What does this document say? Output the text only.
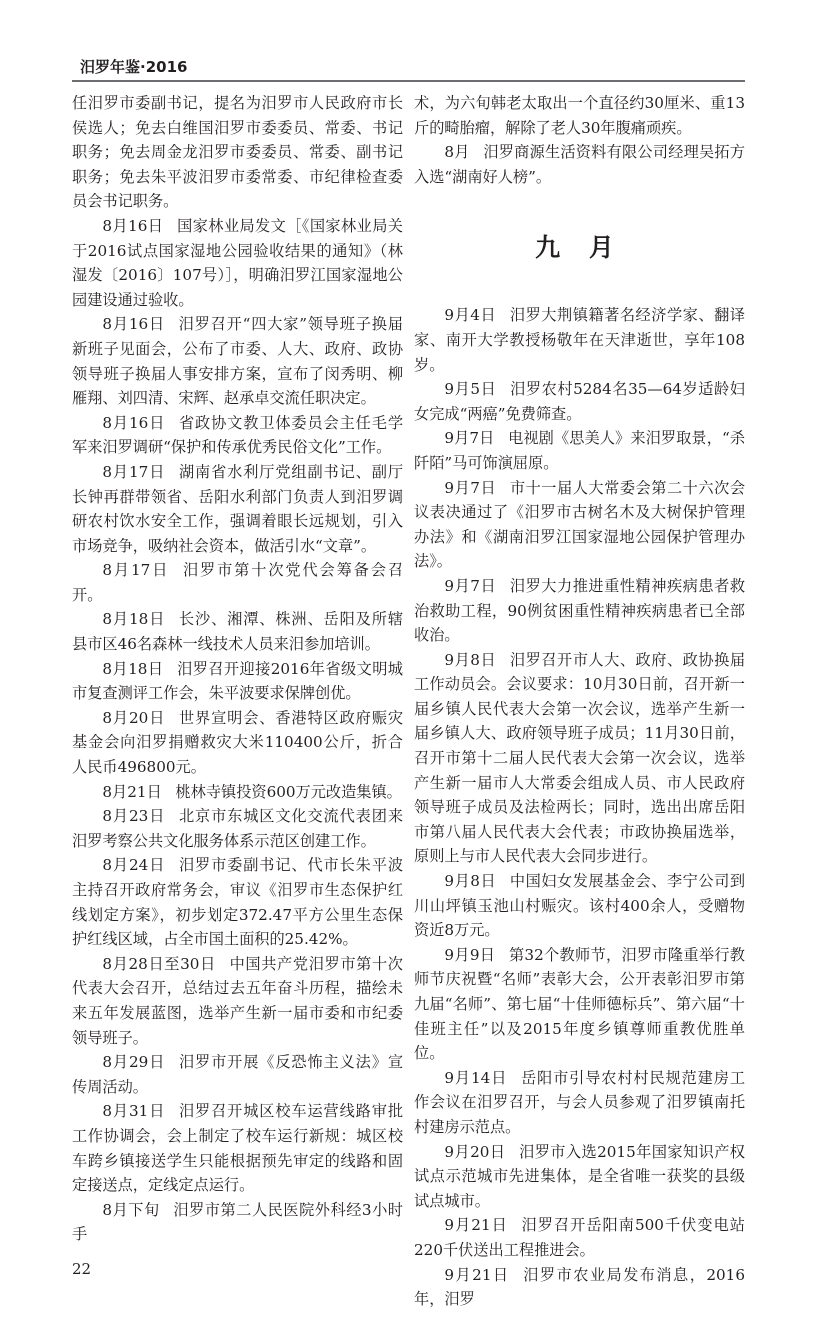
汨罗年鉴·2016

任汨罗市委副书记，提名为汨罗市人民政府市长侯选人；免去白维国汨罗市委委员、常委、书记职务；免去周金龙汨罗市委委员、常委、副书记职务；免去朱平波汨罗市委常委、市纪律检查委员会书记职务。

8月16日 国家林业局发文［《国家林业局关于2016试点国家湿地公园验收结果的通知》（林湿发〔2016〕107号）］，明确汨罗江国家湿地公园建设通过验收。

8月16日 汨罗召开“四大家”领导班子换届新班子见面会，公布了市委、人大、政府、政协领导班子换届人事安排方案，宣布了闵秀明、柳雁翔、刘四清、宋辉、赵承卓交流任职决定。

8月16日 省政协文教卫体委员会主任毛学军来汨罗调研“保护和传承优秀民俗文化”工作。

8月17日 湖南省水利厅党组副书记、副厅长钟再群带领省、岳阳水利部门负责人到汨罗调研农村饮水安全工作，强调着眼长远规划，引入市场竞争，吸纳社会资本，做活引水“文章”。

8月17日 汨罗市第十次党代会筹备会召开。

8月18日 长沙、湘潭、株洲、岳阳及所辖县市区46名森林一线技术人员来汨参加培训。

8月18日 汨罗召开迎接2016年省级文明城市复查测评工作会，朱平波要求保牌创优。

8月20日 世界宣明会、香港特区政府赈灾基金会向汨罗捐赠救灾大米110400公斤，折合人民币496800元。

8月21日 桃林寺镇投资600万元改造集镇。

8月23日 北京市东城区文化交流代表团来汨罗考察公共文化服务体系示范区创建工作。

8月24日 汨罗市委副书记、代市长朱平波主持召开政府常务会，审议《汨罗市生态保护红线划定方案》，初步划定372.47平方公里生态保护红线区域，占全市国土面积的25.42%。

8月28日至30日 中国共产党汨罗市第十次代表大会召开，总结过去五年奋斗历程，描绘未来五年发展蓝图，选举产生新一届市委和市纪委领导班子。

8月29日 汨罗市开展《反恐怖主义法》宣传周活动。

8月31日 汨罗召开城区校车运营线路审批工作协调会，会上制定了校车运行新规：城区校车跨乡镇接送学生只能根据预先审定的线路和固定接送点，定线定点运行。

8月下旬 汨罗市第二人民医院外科经3小时手

22

术，为六旬韩老太取出一个直径约30厘米、重13斤的畸胎瘤，解除了老人30年腹痛顽疾。

8月 汨罗商源生活资料有限公司经理吴拓方入选“湖南好人榜”。

九 月

9月4日 汨罗大荆镇籍著名经济学家、翻译家、南开大学教授杨敬年在天津逝世，享年108岁。

9月5日 汨罗农村5284名35—64岁适龄妇女完成“两癌”免费筛查。

9月7日 电视剧《思美人》来汨罗取景，“杀阡陌”马可饰演屈原。

9月7日 市十一届人大常委会第二十六次会议表决通过了《汨罗市古树名木及大树保护管理办法》和《湖南汨罗江国家湿地公园保护管理办法》。

9月7日 汨罗大力推进重性精神疾病患者救治救助工程，90例贫困重性精神疾病患者已全部收治。

9月8日 汨罗召开市人大、政府、政协换届工作动员会。会议要求：10月30日前，召开新一届乡镇人民代表大会第一次会议，选举产生新一届乡镇人大、政府领导班子成员；11月30日前，召开市第十二届人民代表大会第一次会议，选举产生新一届市人大常委会组成人员、市人民政府领导班子成员及法检两长；同时，选出出席岳阳市第八届人民代表大会代表；市政协换届选举，原则上与市人民代表大会同步进行。

9月8日 中国妇女发展基金会、李宁公司到川山坪镇玉池山村赈灾。该村400余人，受赠物资近8万元。

9月9日 第32个教师节，汨罗市隆重举行教师节庆祝暨“名师”表彰大会，公开表彰汨罗市第九届“名师”、第七届“十佳师德标兵”、第六届“十佳班主任”以及2015年度乡镇尊师重教优胜单位。

9月14日 岳阳市引导农村村民规范建房工作会议在汨罗召开，与会人员参观了汨罗镇南托村建房示范点。

9月20日 汨罗市入选2015年国家知识产权试点示范城市先进集体，是全省唯一获奖的县级试点城市。

9月21日 汨罗召开岳阳南500千伏变电站220千伏送出工程推进会。

9月21日 汨罗市农业局发布消息，2016年，汨罗
